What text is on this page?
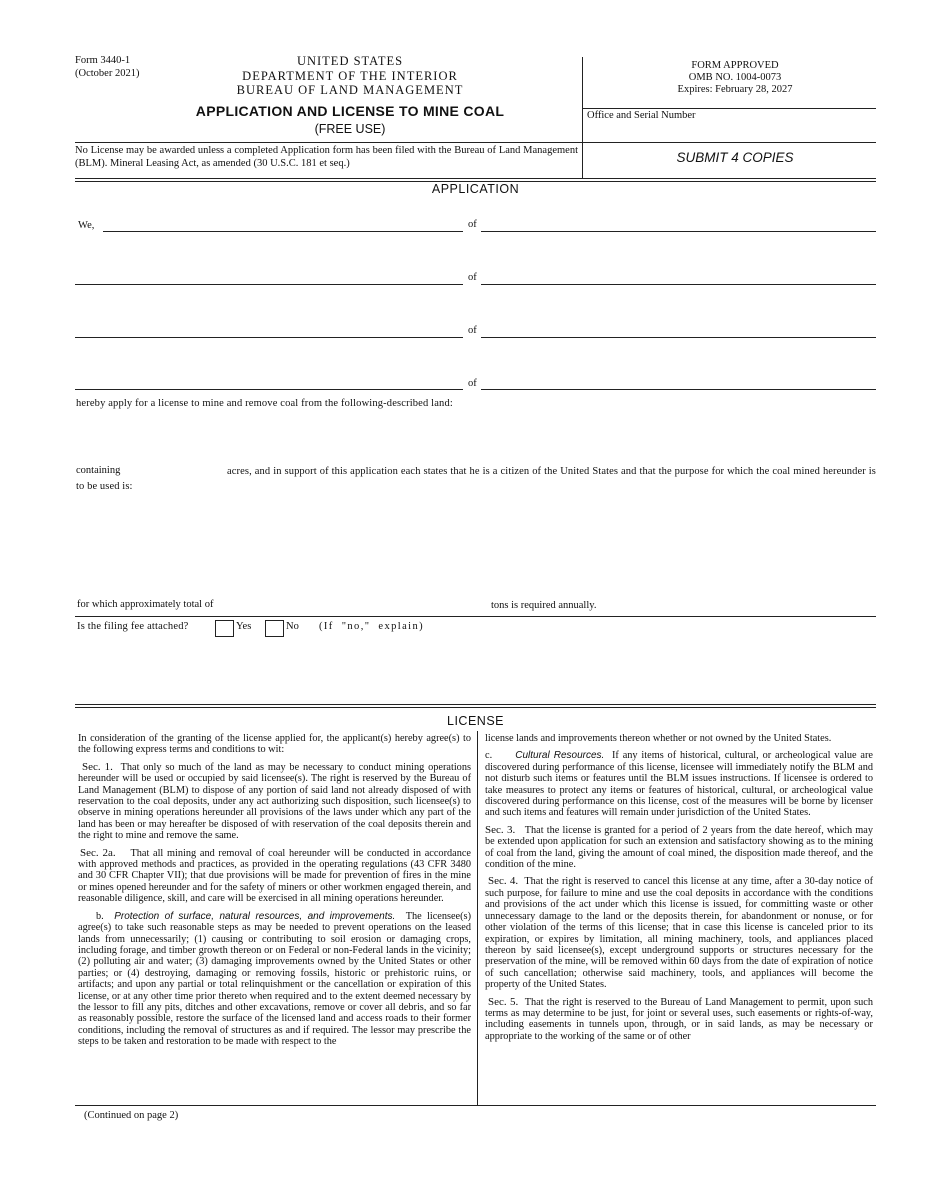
Form 3440-1
(October 2021)
UNITED STATES
DEPARTMENT OF THE INTERIOR
BUREAU OF LAND MANAGEMENT
APPLICATION AND LICENSE TO MINE COAL
(FREE USE)
FORM APPROVED
OMB NO. 1004-0073
Expires: February 28, 2027
Office and Serial Number
No License may be awarded unless a completed Application form has been filed with the Bureau of Land Management (BLM). Mineral Leasing Act, as amended (30 U.S.C. 181 et seq.)	SUBMIT 4 COPIES
APPLICATION
We,	of
of
of
of
hereby apply for a license to mine and remove coal from the following-described land:
containing	acres, and in support of this application each states that he is a citizen of the United States and that the purpose for which the coal mined hereunder is to be used is:
for which approximately total of	tons is required annually.
Is the filing fee attached?	Yes	No (If "no," explain)
LICENSE

In consideration of the granting of the license applied for, the applicant(s) hereby agree(s) to the following express terms and conditions to wit:

Sec. 1. That only so much of the land as may be necessary to conduct mining operations hereunder will be used or occupied by said licensee(s). The right is reserved by the Bureau of Land Management (BLM) to dispose of any portion of said land not already disposed of with reservation to the coal deposits, under any act authorizing such disposition, such licensee(s) to observe in mining operations hereunder all provisions of the laws under which any part of the land has been or may hereafter be disposed of with reservation of the coal deposits therein and the right to mine and remove the same.

Sec. 2a. That all mining and removal of coal hereunder will be conducted in accordance with approved methods and practices, as provided in the operating regulations (43 CFR 3480 and 30 CFR Chapter VII); that due provisions will be made for prevention of fires in the mine or mines opened hereunder and for the safety of miners or other workmen engaged therein, and reasonable diligence, skill, and care will be exercised in all mining operations hereunder.

b. Protection of surface, natural resources, and improvements. The licensee(s) agree(s) to take such reasonable steps as may be needed to prevent operations on the leased lands from unnecessarily; (1) causing or contributing to soil erosion or damaging crops, including forage, and timber growth thereon or on Federal or non-Federal lands in the vicinity; (2) polluting air and water; (3) damaging improvements owned by the United States or other parties; or (4) destroying, damaging or removing fossils, historic or prehistoric ruins, or artifacts; and upon any partial or total relinquishment or the cancellation or expiration of this license, or at any other time prior thereto when required and to the extent deemed necessary by the lessor to fill any pits, ditches and other excavations, remove or cover all debris, and so far as reasonably possible, restore the surface of the licensed land and access roads to their former conditions, including the removal of structures as and if required. The lessor may prescribe the steps to be taken and restoration to be made with respect to the

license lands and improvements thereon whether or not owned by the United States.

c. Cultural Resources. If any items of historical, cultural, or archeological value are discovered during performance of this license, licensee will immediately notify the BLM and not disturb such items or features until the BLM issues instructions. If licensee is ordered to take measures to protect any items or features of historical, cultural, or archeological value discovered during performance on this license, cost of the measures will be borne by licenser and such items and features will remain under jurisdiction of the United States.

Sec. 3. That the license is granted for a period of 2 years from the date hereof, which may be extended upon application for such an extension and satisfactory showing as to the mining of coal from the land, giving the amount of coal mined, the disposition made thereof, and the condition of the mine.

Sec. 4. That the right is reserved to cancel this license at any time, after a 30-day notice of such purpose, for failure to mine and use the coal deposits in accordance with the conditions and provisions of the act under which this license is issued, for committing waste or other unnecessary damage to the land or the deposits therein, for abandonment or nonuse, or for other violation of the terms of this license; that in case this license is canceled prior to its expiration, or expires by limitation, all mining machinery, tools, and appliances placed thereon by said licensee(s), except underground supports or structures necessary for the preservation of the mine, will be removed within 60 days from the date of expiration of notice of such cancellation; otherwise said machinery, tools, and appliances will become the property of the United States.

Sec. 5. That the right is reserved to the Bureau of Land Management to permit, upon such terms as may determine to be just, for joint or several uses, such easements or rights-of-way, including easements in tunnels upon, through, or in said lands, as may be necessary or appropriate to the working of the same or of other

(Continued on page 2)
